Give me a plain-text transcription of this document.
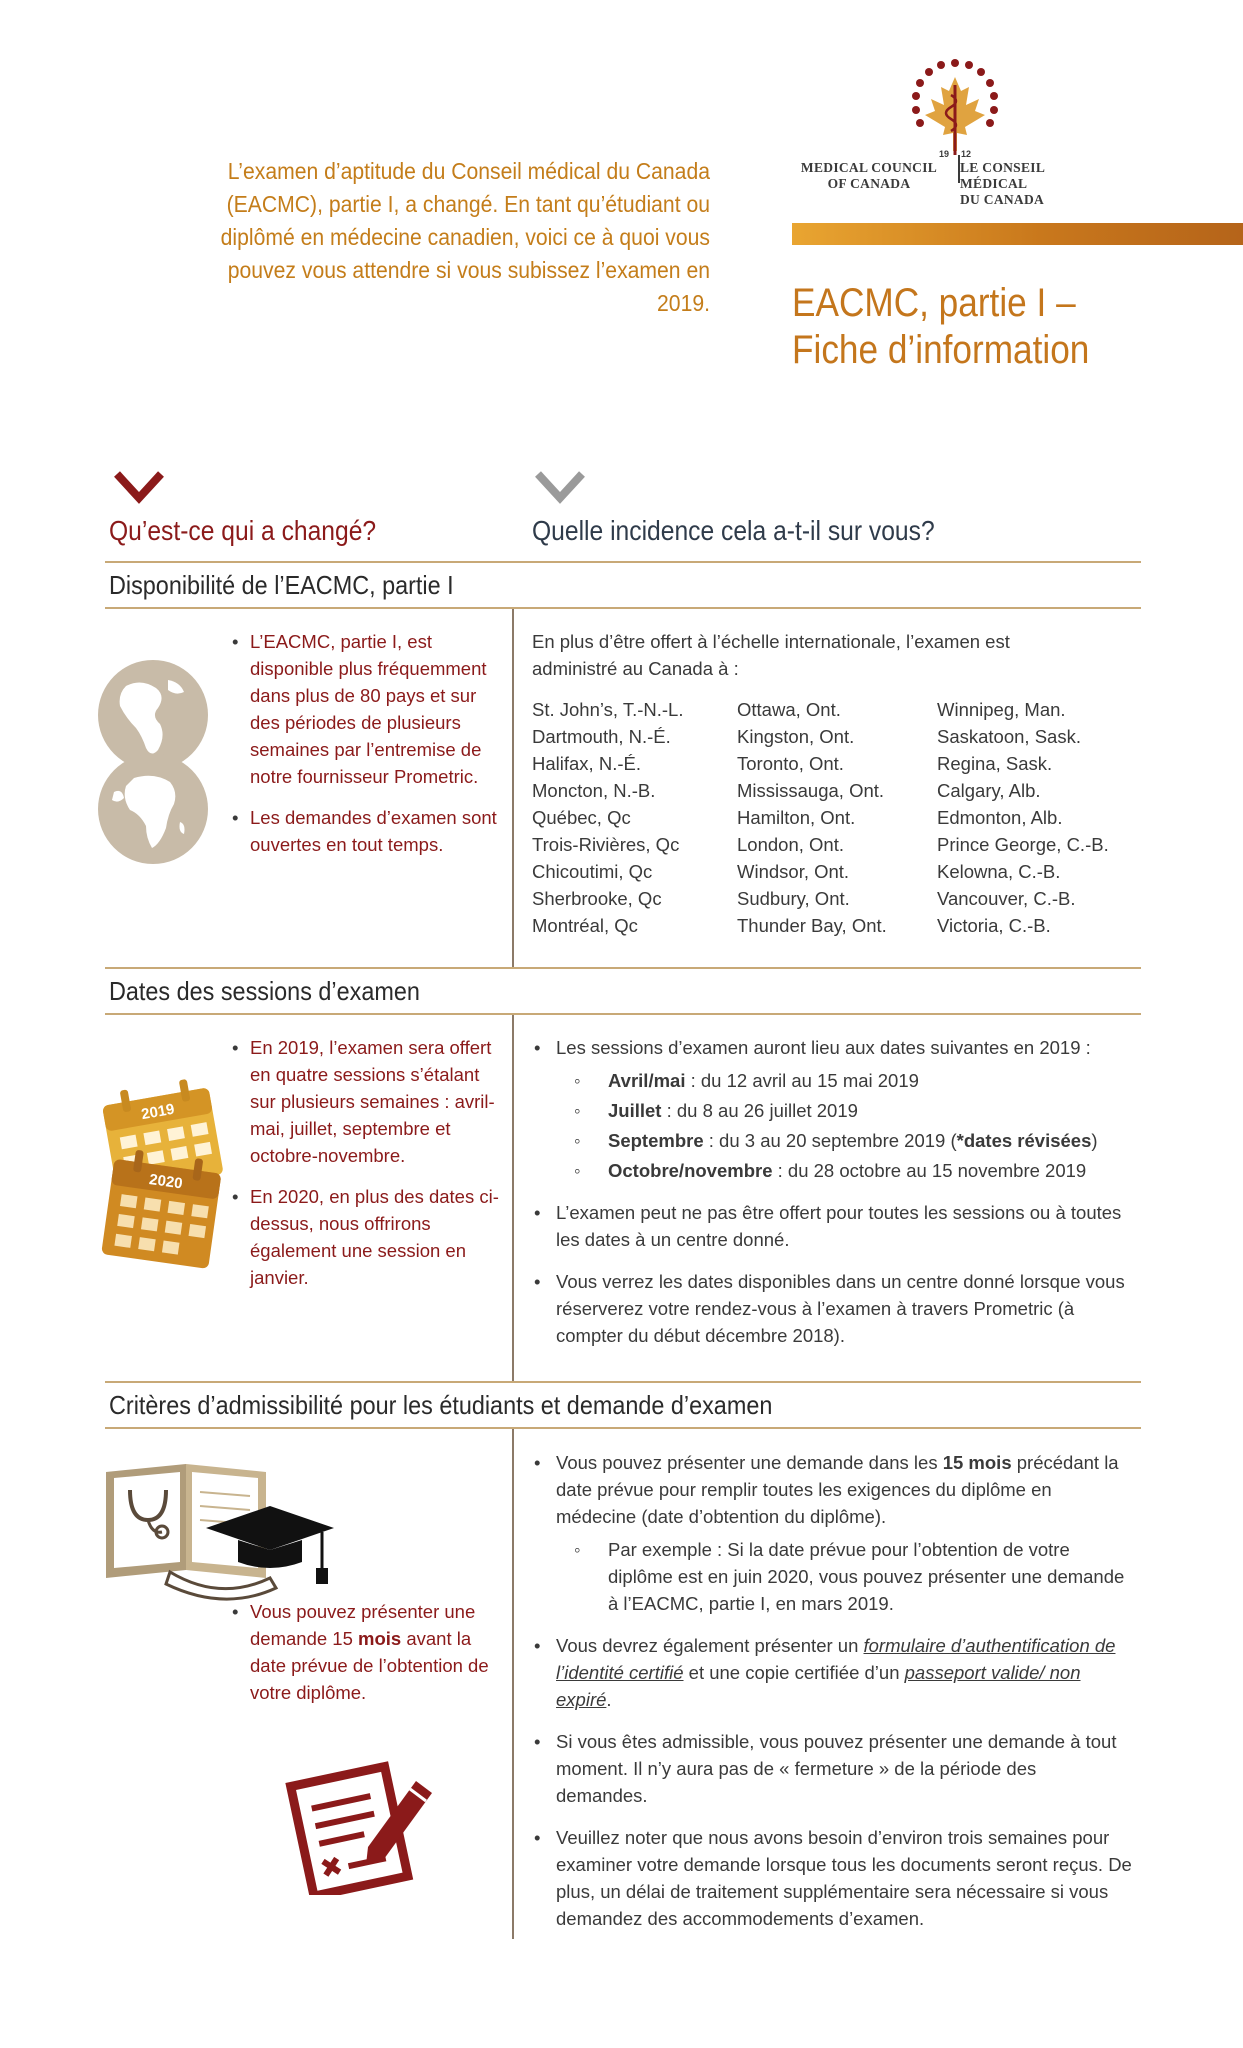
L’examen d’aptitude du Conseil médical du Canada (EACMC), partie I, a changé. En tant qu’étudiant ou diplômé en médecine canadien, voici ce à quoi vous pouvez vous attendre si vous subissez l’examen en 2019.
19 12
MEDICAL COUNCIL
OF CANADA
LE CONSEIL MÉDICAL
DU CANADA
EACMC, partie I –
Fiche d’information
Qu’est-ce qui a changé?	Quelle incidence cela a-t-il sur vous?
Disponibilité de l’EACMC, partie I
• L’EACMC, partie I, est disponible plus fréquemment dans plus de 80 pays et sur des périodes de plusieurs semaines par l’entremise de notre fournisseur Prometric.
• Les demandes d’examen sont ouvertes en tout temps.
En plus d’être offert à l’échelle internationale, l’examen est administré au Canada à :
St. John’s, T.-N.-L.
Dartmouth, N.-É.
Halifax, N.-É.
Moncton, N.-B.
Québec, Qc
Trois-Rivières, Qc
Chicoutimi, Qc
Sherbrooke, Qc
Montréal, Qc
Ottawa, Ont.
Kingston, Ont.
Toronto, Ont.
Mississauga, Ont.
Hamilton, Ont.
London, Ont.
Windsor, Ont.
Sudbury, Ont.
Thunder Bay, Ont.
Winnipeg, Man.
Saskatoon, Sask.
Regina, Sask.
Calgary, Alb.
Edmonton, Alb.
Prince George, C.-B.
Kelowna, C.-B.
Vancouver, C.-B.
Victoria, C.-B.
Dates des sessions d’examen
2019
2020
• En 2019, l’examen sera offert en quatre sessions s’étalant sur plusieurs semaines : avril-mai, juillet, septembre et octobre-novembre.
• En 2020, en plus des dates ci-dessus, nous offrirons également une session en janvier.
• Les sessions d’examen auront lieu aux dates suivantes en 2019 :
◦ Avril/mai : du 12 avril au 15 mai 2019
◦ Juillet : du 8 au 26 juillet 2019
◦ Septembre : du 3 au 20 septembre 2019 (*dates révisées)
◦ Octobre/novembre : du 28 octobre au 15 novembre 2019
• L’examen peut ne pas être offert pour toutes les sessions ou à toutes les dates à un centre donné.
• Vous verrez les dates disponibles dans un centre donné lorsque vous réserverez votre rendez-vous à l’examen à travers Prometric (à compter du début décembre 2018).
Critères d’admissibilité pour les étudiants et demande d’examen
• Vous pouvez présenter une demande 15 mois avant la date prévue de l’obtention de votre diplôme.
• Vous pouvez présenter une demande dans les 15 mois précédant la date prévue pour remplir toutes les exigences du diplôme en médecine (date d’obtention du diplôme).
◦ Par exemple : Si la date prévue pour l’obtention de votre diplôme est en juin 2020, vous pouvez présenter une demande à l’EACMC, partie I, en mars 2019.
• Vous devrez également présenter un formulaire d’authentification de l’identité certifié et une copie certifiée d’un passeport valide/ non expiré.
• Si vous êtes admissible, vous pouvez présenter une demande à tout moment. Il n’y aura pas de « fermeture » de la période des demandes.
• Veuillez noter que nous avons besoin d’environ trois semaines pour examiner votre demande lorsque tous les documents seront reçus. De plus, un délai de traitement supplémentaire sera nécessaire si vous demandez des accommodements d’examen.
